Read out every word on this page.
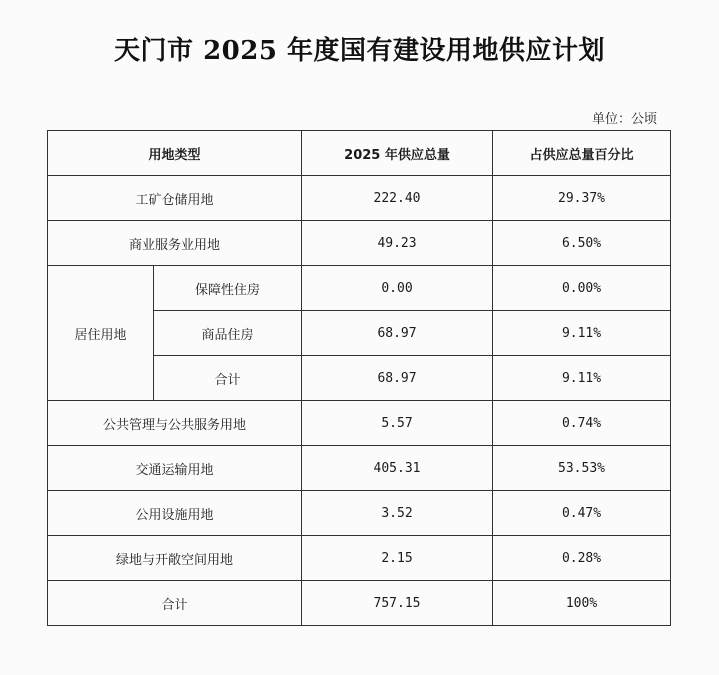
天门市 2025 年度国有建设用地供应计划
单位：公顷
用地类型		2025 年供应总量	占供应总量百分比
工矿仓储用地		222.40	29.37%
商业服务业用地		49.23	6.50%
居住用地	保障性住房	0.00	0.00%
	商品住房	68.97	9.11%
	合计	68.97	9.11%
公共管理与公共服务用地		5.57	0.74%
交通运输用地		405.31	53.53%
公用设施用地		3.52	0.47%
绿地与开敞空间用地		2.15	0.28%
合计		757.15	100%
